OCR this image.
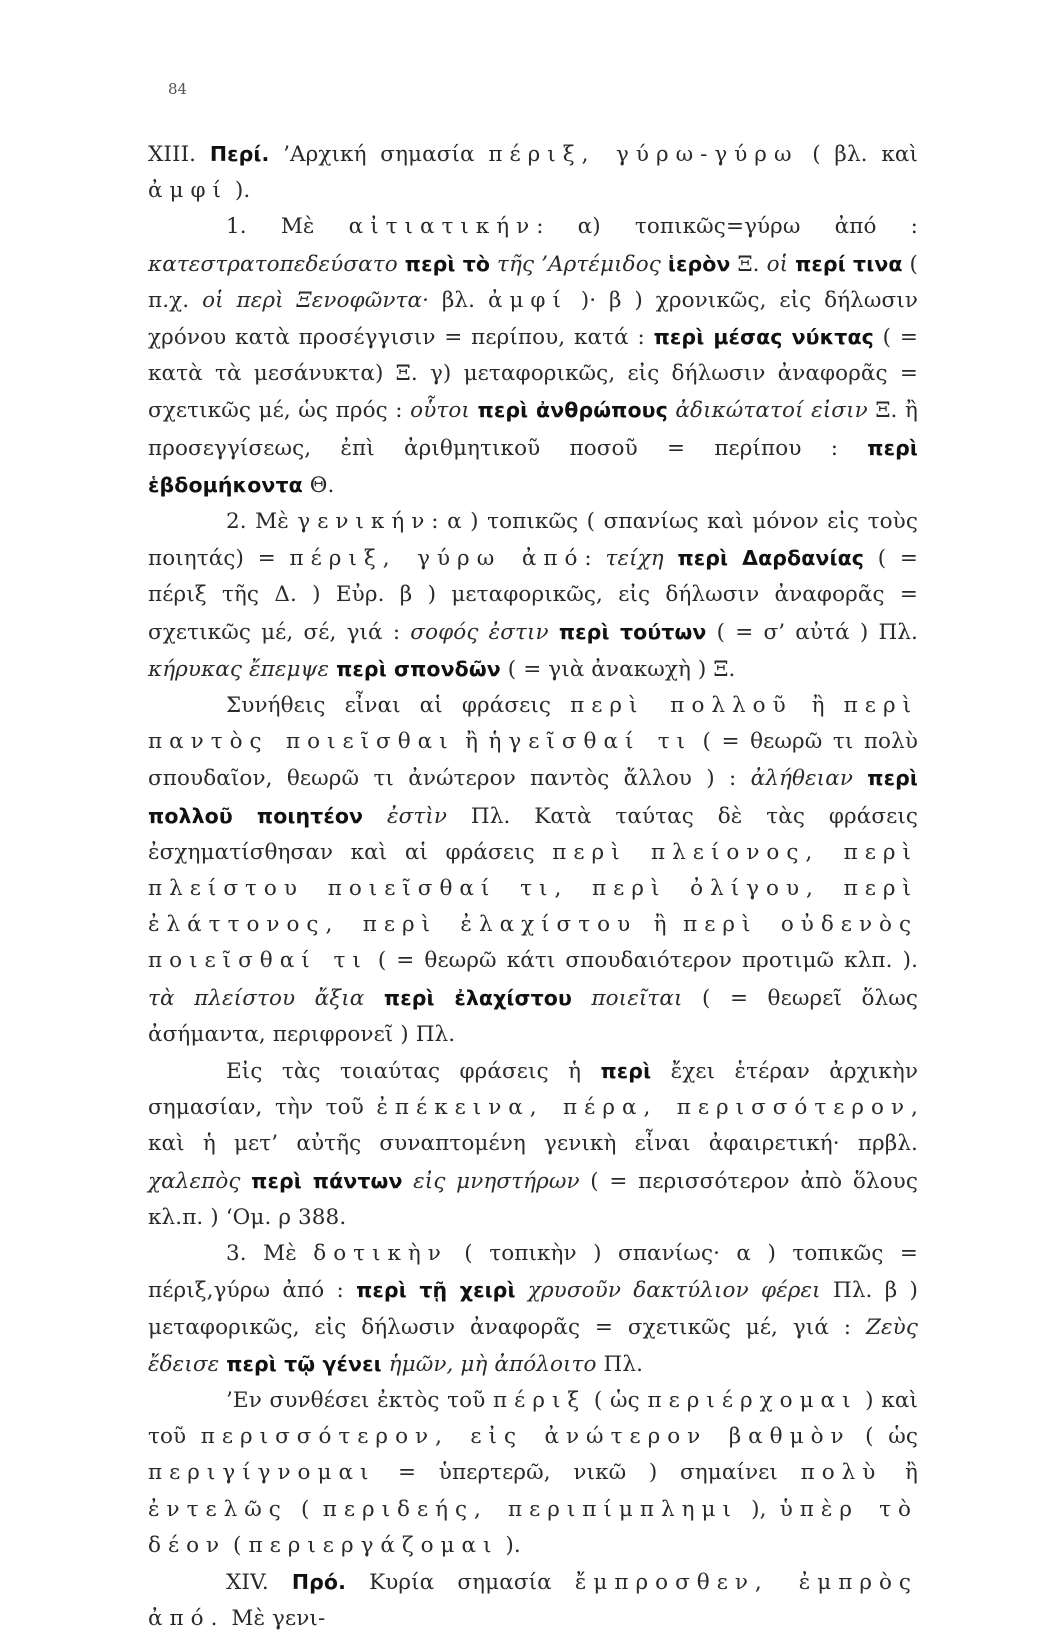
84

XIII. Περί. ’Αρχική σημασία πέριξ, γύρω-γύρω ( βλ. καὶ ἀμφί ).

1. Μὲ αἰτιατικήν: α) τοπικῶς=γύρω ἀπό : κατεστρατοπεδεύσατο περὶ τὸ τῆς ’Αρτέμιδος ἱερὸν Ξ. οἱ περί τινα ( π.χ. οἱ περὶ Ξενοφῶντα· βλ. ἀμφί )· β ) χρονικῶς, εἰς δήλωσιν χρόνου κατὰ προσέγγισιν = περίπου, κατά : περὶ μέσας νύκτας ( = κατὰ τὰ μεσάνυκτα) Ξ. γ) μεταφορικῶς, εἰς δήλωσιν ἀναφορᾶς = σχετικῶς μέ, ὡς πρός : οὗτοι περὶ ἀνθρώπους ἀδικώτατοί εἰσιν Ξ. ἢ προσεγγίσεως, ἐπὶ ἀριθμητικοῦ ποσοῦ = περίπου : περὶ ἑβδομήκοντα Θ.

2. Μὲ γενικήν: α ) τοπικῶς ( σπανίως καὶ μόνον εἰς τοὺς ποιητάς) = πέριξ, γύρω ἀπό: τείχη περὶ Δαρδανίας ( = πέριξ τῆς Δ. ) Εὐρ. β ) μεταφορικῶς, εἰς δήλωσιν ἀναφορᾶς = σχετικῶς μέ, σέ, γιά : σοφός ἐστιν περὶ τούτων ( = σ’ αὐτά ) Πλ. κήρυκας ἔπεμψε περὶ σπονδῶν ( = γιὰ ἀνακωχὴ ) Ξ.

Συνήθεις εἶναι αἱ φράσεις περὶ πολλοῦ ἢ περὶ παντὸς ποιεῖσθαι ἢ ἡγεῖσθαί τι ( = θεωρῶ τι πολὺ σπουδαῖον, θεωρῶ τι ἀνώτερον παντὸς ἄλλου ) : ἀλήθειαν περὶ πολλοῦ ποιητέον ἐστὶν Πλ. Κατὰ ταύτας δὲ τὰς φράσεις ἐσχηματίσθησαν καὶ αἱ φράσεις περὶ πλείονος, περὶ πλείστου ποιεῖσθαί τι, περὶ ὀλίγου, περὶ ἐλάττονος, περὶ ἐλαχίστου ἢ περὶ οὐδενὸς ποιεῖσθαί τι ( = θεωρῶ κάτι σπουδαιότερον προτιμῶ κλπ. ). τὰ πλείστου ἄξια περὶ ἐλαχίστου ποιεῖται ( = θεωρεῖ ὅλως ἀσήμαντα, περιφρονεῖ ) Πλ.

Εἰς τὰς τοιαύτας φράσεις ἡ περὶ ἔχει ἑτέραν ἀρχικὴν σημασίαν, τὴν τοῦ ἐπέκεινα, πέρα, περισσότερον, καὶ ἡ μετ’ αὐτῆς συναπτομένη γενικὴ εἶναι ἀφαιρετική· πρβλ. χαλεπὸς περὶ πάντων εἰς μνηστήρων ( = περισσότερον ἀπὸ ὅλους κλ.π. ) ‘Ομ. ρ 388.

3. Μὲ δοτικὴν ( τοπικὴν ) σπανίως· α ) τοπικῶς = πέριξ,γύρω ἀπό : περὶ τῇ χειρὶ χρυσοῦν δακτύλιον φέρει Πλ. β ) μεταφορικῶς, εἰς δήλωσιν ἀναφορᾶς = σχετικῶς μέ, γιά : Ζεὺς ἔδεισε περὶ τῷ γένει ἡμῶν, μὴ ἀπόλοιτο Πλ.

’Εν συνθέσει ἐκτὸς τοῦ πέριξ ( ὡς περιέρχομαι ) καὶ τοῦ περισσότερον, εἰς ἀνώτερον βαθμὸν ( ὡς περιγίγνομαι = ὑπερτερῶ, νικῶ ) σημαίνει πολὺ ἢ ἐντελῶς ( περιδεής, περιπίμπλημι ), ὑπὲρ τὸ δέον ( περιεργάζομαι ).

XIV. Πρό. Κυρία σημασία ἔμπροσθεν, ἐμπρὸς ἀπό. Μὲ γενι-
